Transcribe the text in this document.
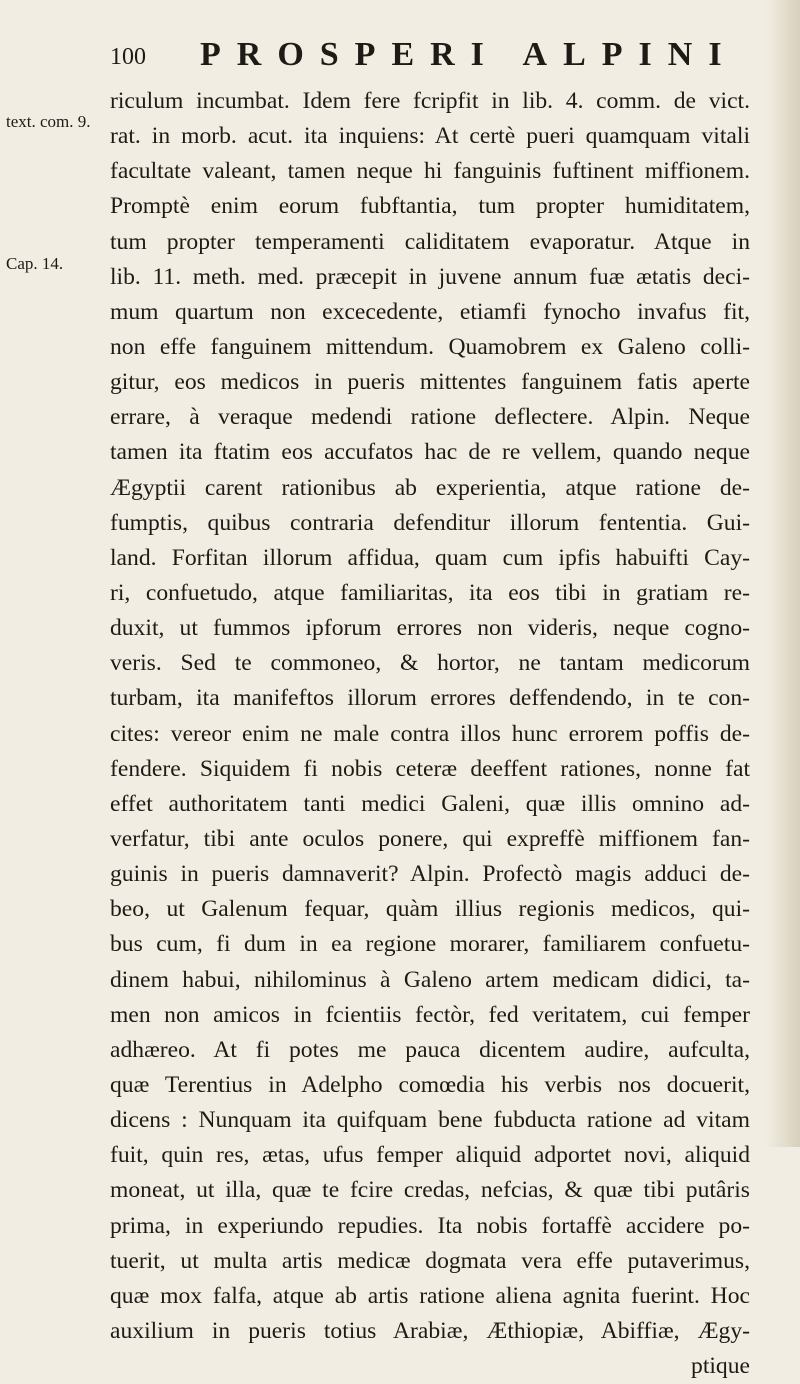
100 PROSPERI ALPINI
text. com. 9.
Cap. 14.
riculum incumbat. Idem fere fcripfit in lib. 4. comm. de vict.
rat. in morb. acut. ita inquiens: At certè pueri quamquam vitali
facultate valeant, tamen neque hi fanguinis fuftinent miffionem.
Promptè enim eorum fubftantia, tum propter humiditatem,
tum propter temperamenti caliditatem evaporatur. Atque in
lib. 11. meth. med. præcepit in juvene annum fuæ ætatis deci-
mum quartum non excecedente, etiamfi fynocho invafus fit,
non effe fanguinem mittendum. Quamobrem ex Galeno colli-
gitur, eos medicos in pueris mittentes fanguinem fatis aperte
errare, à veraque medendi ratione deflectere. Alpin. Neque
tamen ita ftatim eos accufatos hac de re vellem, quando neque
Ægyptii carent rationibus ab experientia, atque ratione de-
fumptis, quibus contraria defenditur illorum fententia. Gui-
land. Forfitan illorum affidua, quam cum ipfis habuifti Cay-
ri, confuetudo, atque familiaritas, ita eos tibi in gratiam re-
duxit, ut fummos ipforum errores non videris, neque cogno-
veris. Sed te commoneo, & hortor, ne tantam medicorum
turbam, ita manifeftos illorum errores deffendendo, in te con-
cites: vereor enim ne male contra illos hunc errorem poffis de-
fendere. Siquidem fi nobis ceteræ deeffent rationes, nonne fat
effet authoritatem tanti medici Galeni, quæ illis omnino ad-
verfatur, tibi ante oculos ponere, qui expreffè miffionem fan-
guinis in pueris damnaverit? Alpin. Profectò magis adduci de-
beo, ut Galenum fequar, quàm illius regionis medicos, qui-
bus cum, fi dum in ea regione morarer, familiarem confuetu-
dinem habui, nihilominus à Galeno artem medicam didici, ta-
men non amicos in fcientiis fectòr, fed veritatem, cui femper
adhæreo. At fi potes me pauca dicentem audire, aufculta,
quæ Terentius in Adelpho comœdia his verbis nos docuerit,
dicens : Nunquam ita quifquam bene fubducta ratione ad vitam
fuit, quin res, ætas, ufus femper aliquid adportet novi, aliquid
moneat, ut illa, quæ te fcire credas, nefcias, & quæ tibi putâris
prima, in experiundo repudies. Ita nobis fortaffè accidere po-
tuerit, ut multa artis medicæ dogmata vera effe putaverimus,
quæ mox falfa, atque ab artis ratione aliena agnita fuerint. Hoc
auxilium in pueris totius Arabiæ, Æthiopiæ, Abiffiæ, Ægy-
ptique
